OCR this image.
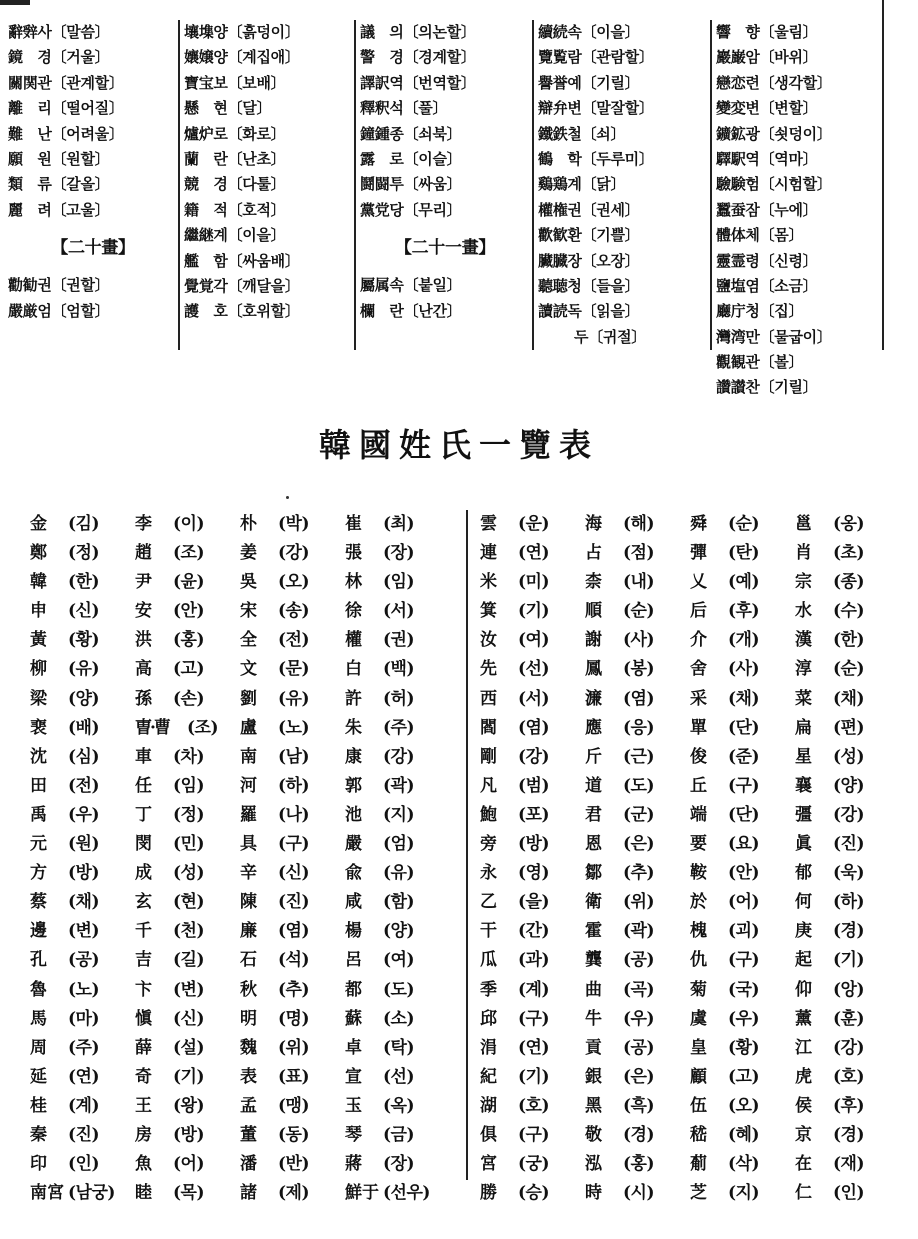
辭辤사〔말씀〕
鏡　경〔거울〕
關関관〔관계할〕
離　리〔떨어질〕
難　난〔어려울〕
願　원〔원할〕
類　류〔갈올〕
麗　려〔고울〕
【二十畫】
勸勧권〔권할〕
嚴厳엄〔엄할〕
壤㙫양〔흙덩이〕
孃嬢양〔계집애〕
寶宝보〔보배〕
懸　현〔달〕
爐炉로〔화로〕
蘭　란〔난초〕
競　경〔다툴〕
籍　적〔호적〕
繼継계〔이을〕
艦　함〔싸움배〕
覺覚각〔깨달을〕
護　호〔호위할〕
議　의〔의논할〕
警　경〔경계할〕
譯訳역〔번역할〕
釋釈석〔풀〕
鐘鍾종〔쇠북〕
露　로〔이슬〕
鬪闘투〔싸움〕
黨党당〔무리〕
【二十一畫】
屬属속〔붙일〕
欄　란〔난간〕
續続속〔이을〕
覽覧람〔관람할〕
譽誉예〔기릴〕
辯弁변〔말잘할〕
鐵鉄철〔쇠〕
鶴　학〔두루미〕
鷄鶏계〔닭〕
權権권〔권세〕
歡歓환〔기쁠〕
臟臓장〔오장〕
聽聴청〔들을〕
讀読독〔읽을〕
두〔귀절〕
響　향〔울림〕
巖巌암〔바위〕
戀恋련〔생각할〕
變変변〔변할〕
鑛鉱광〔쇳덩이〕
驛駅역〔역마〕
驗験험〔시험할〕
蠶蚕잠〔누에〕
體体체〔몸〕
靈霊령〔신령〕
鹽塩염〔소금〕
廳庁청〔집〕
灣湾만〔물굽이〕
觀観관〔볼〕
讚讃찬〔기릴〕
韓國姓氏一覽表
金	(김) 李	(이) 朴	(박) 崔	(최)
鄭	(정) 趙	(조) 姜	(강) 張	(장)
韓	(한) 尹	(윤) 吳	(오) 林	(임)
申	(신) 安	(안) 宋	(송) 徐	(서)
黃	(황) 洪	(홍) 全	(전) 權	(권)
柳	(유) 高	(고) 文	(문) 白	(백)
梁	(양) 孫	(손) 劉	(유) 許	(허)
裵	(배) 曺·曹	(조) 盧	(노) 朱	(주)
沈	(심) 車	(차) 南	(남) 康	(강)
田	(전) 任	(임) 河	(하) 郭	(곽)
禹	(우) 丁	(정) 羅	(나) 池	(지)
元	(원) 閔	(민) 具	(구) 嚴	(엄)
方	(방) 成	(성) 辛	(신) 兪	(유)
蔡	(채) 玄	(현) 陳	(진) 咸	(함)
邊	(변) 千	(천) 廉	(염) 楊	(양)
孔	(공) 吉	(길) 石	(석) 呂	(여)
魯	(노) 卞	(변) 秋	(추) 都	(도)
馬	(마) 愼	(신) 明	(명) 蘇	(소)
周	(주) 薛	(설) 魏	(위) 卓	(탁)
延	(연) 奇	(기) 表	(표) 宣	(선)
桂	(계) 王	(왕) 孟	(맹) 玉	(옥)
秦	(진) 房	(방) 董	(동) 琴	(금)
印	(인) 魚	(어) 潘	(반) 蔣	(장)
南宮 (남궁) 睦	(목) 諸	(제) 鮮于 (선우)
雲	(운) 海	(해) 舜	(순) 邕	(옹)
連	(연) 占	(점) 彈	(탄) 肖	(초)
米	(미) 柰	(내) 乂	(예) 宗	(종)
箕	(기) 順	(순) 后	(후) 水	(수)
汝	(여) 謝	(사) 介	(개) 漢	(한)
先	(선) 鳳	(봉) 舍	(사) 淳	(순)
西	(서) 濂	(염) 采	(채) 菜	(채)
閻	(염) 應	(응) 單	(단) 扁	(편)
剛	(강) 斤	(근) 俊	(준) 星	(성)
凡	(범) 道	(도) 丘	(구) 襄	(양)
鮑	(포) 君	(군) 端	(단) 彊	(강)
旁	(방) 恩	(은) 要	(요) 眞	(진)
永	(영) 鄒	(추) 鞍	(안) 郁	(욱)
乙	(을) 衛	(위) 於	(어) 何	(하)
干	(간) 霍	(곽) 槐	(괴) 庚	(경)
瓜	(과) 龔	(공) 仇	(구) 起	(기)
季	(계) 曲	(곡) 菊	(국) 仰	(앙)
邱	(구) 牛	(우) 虞	(우) 薰	(훈)
涓	(연) 貢	(공) 皇	(황) 江	(강)
紀	(기) 銀	(은) 顧	(고) 虎	(호)
湖	(호) 黑	(흑) 伍	(오) 侯	(후)
俱	(구) 敬	(경) 嵇	(혜) 京	(경)
宮	(궁) 泓	(홍) 葪	(삭) 在	(재)
勝	(승) 時	(시) 芝	(지) 仁	(인)
